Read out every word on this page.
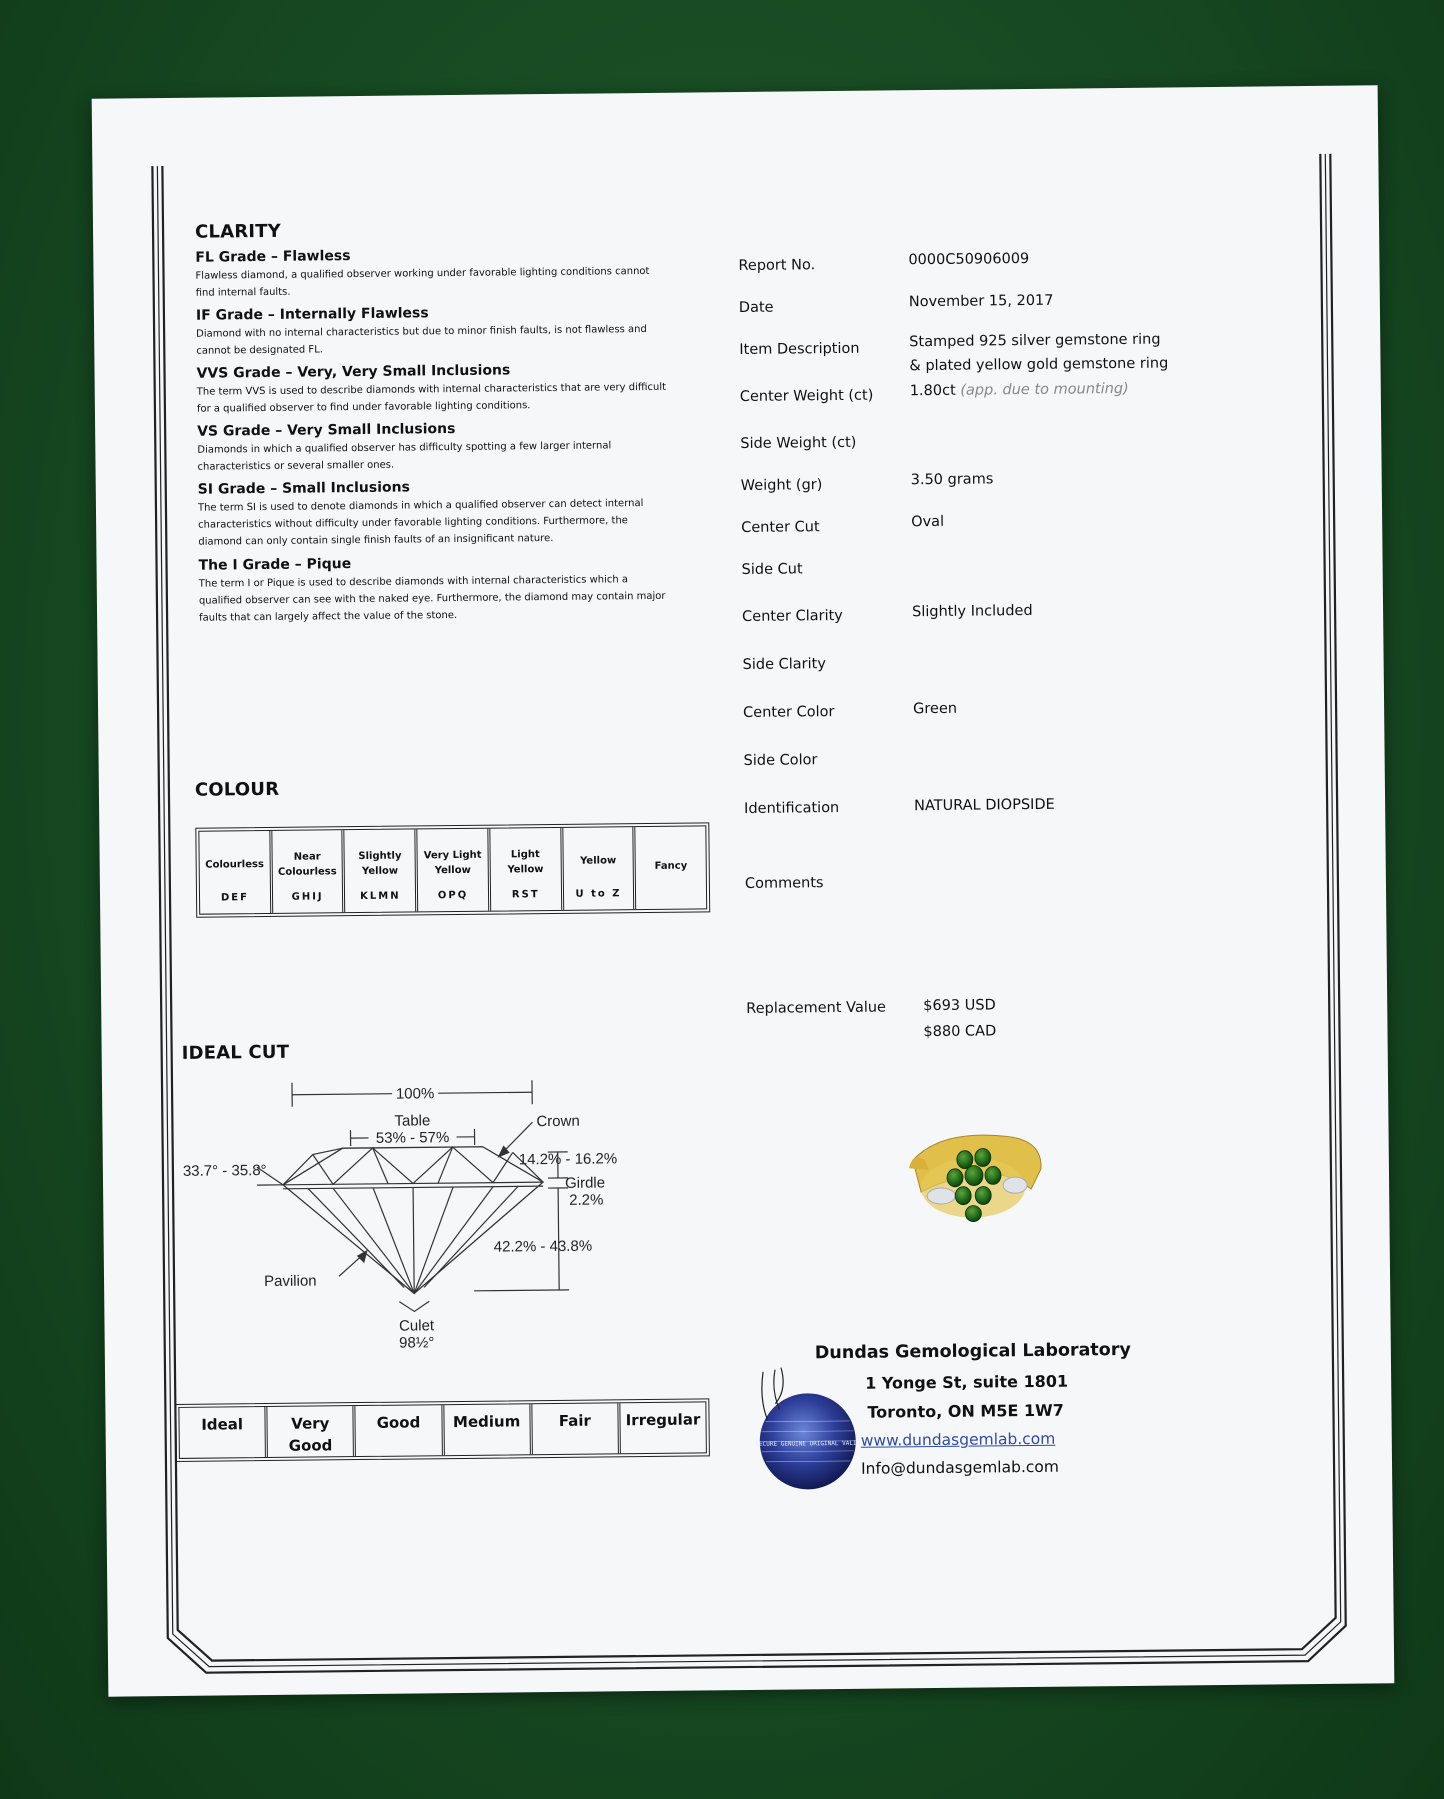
CLARITY
FL Grade – Flawless
Flawless diamond, a qualified observer working under favorable lighting conditions cannot find internal faults.
IF Grade – Internally Flawless
Diamond with no internal characteristics but due to minor finish faults, is not flawless and cannot be designated FL.
VVS Grade – Very, Very Small Inclusions
The term VVS is used to describe diamonds with internal characteristics that are very difficult for a qualified observer to find under favorable lighting conditions.
VS Grade – Very Small Inclusions
Diamonds in which a qualified observer has difficulty spotting a few larger internal characteristics or several smaller ones.
SI Grade – Small Inclusions
The term SI is used to denote diamonds in which a qualified observer can detect internal characteristics without difficulty under favorable lighting conditions. Furthermore, the diamond can only contain single finish faults of an insignificant nature.
The I Grade – Pique
The term I or Pique is used to describe diamonds with internal characteristics which a qualified observer can see with the naked eye. Furthermore, the diamond may contain major faults that can largely affect the value of the stone.
COLOUR
Colourless
DEF
Near Colourless
GHIJ
Slightly Yellow
KLMN
Very Light Yellow
OPQ
Light Yellow
RST
Yellow
U to Z
Fancy
IDEAL CUT
100%
Table
53% - 57%
Crown
33.7° - 35.8°
14.2% - 16.2%
Girdle
2.2%
42.2% - 43.8%
Pavilion
Culet
98½°
Ideal	Very Good
Good	Medium	Fair	Irregular
Report No.	0000C50906009
Date	November 15, 2017
Item Description	Stamped 925 silver gemstone ring
& plated yellow gold gemstone ring
Center Weight (ct)	1.80ct (app. due to mounting)
Side Weight (ct)
Weight (gr)	3.50 grams
Center Cut	Oval
Side Cut
Center Clarity	Slightly Included
Side Clarity
Center Color	Green
Side Color
Identification	NATURAL DIOPSIDE
Comments
Replacement Value	$693 USD
$880 CAD
SECURE GENUINE ORIGINAL VALID
Dundas Gemological Laboratory
1 Yonge St, suite 1801
Toronto, ON M5E 1W7
www.dundasgemlab.com
Info@dundasgemlab.com
